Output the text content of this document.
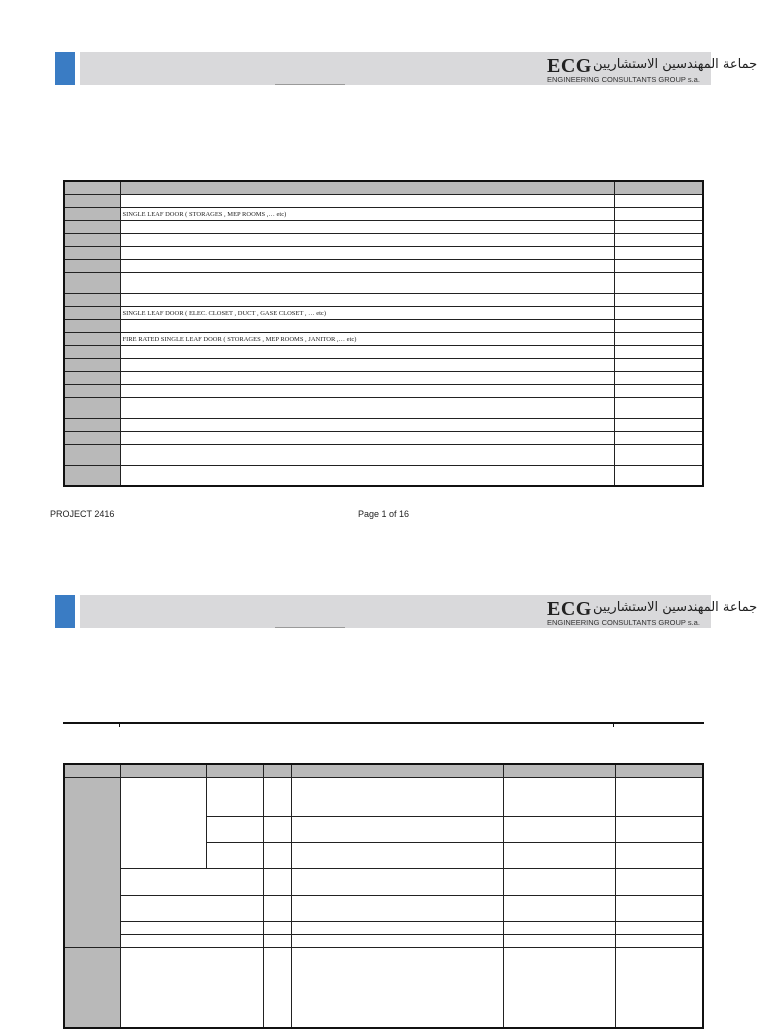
ECG جماعة المهندسين الاستشاريين
ENGINEERING CONSULTANTS GROUP s.a.

	SINGLE LEAF DOOR ( STORAGES , MEP ROOMS ,… etc)	

	SINGLE LEAF DOOR ( ELEC. CLOSET , DUCT , GASE CLOSET , … etc)	

	FIRE RATED SINGLE LEAF DOOR ( STORAGES , MEP ROOMS , JANITOR ,… etc)	

PROJECT 2416	Page 1 of 16
ECG جماعة المهندسين الاستشاريين
ENGINEERING CONSULTANTS GROUP s.a.
